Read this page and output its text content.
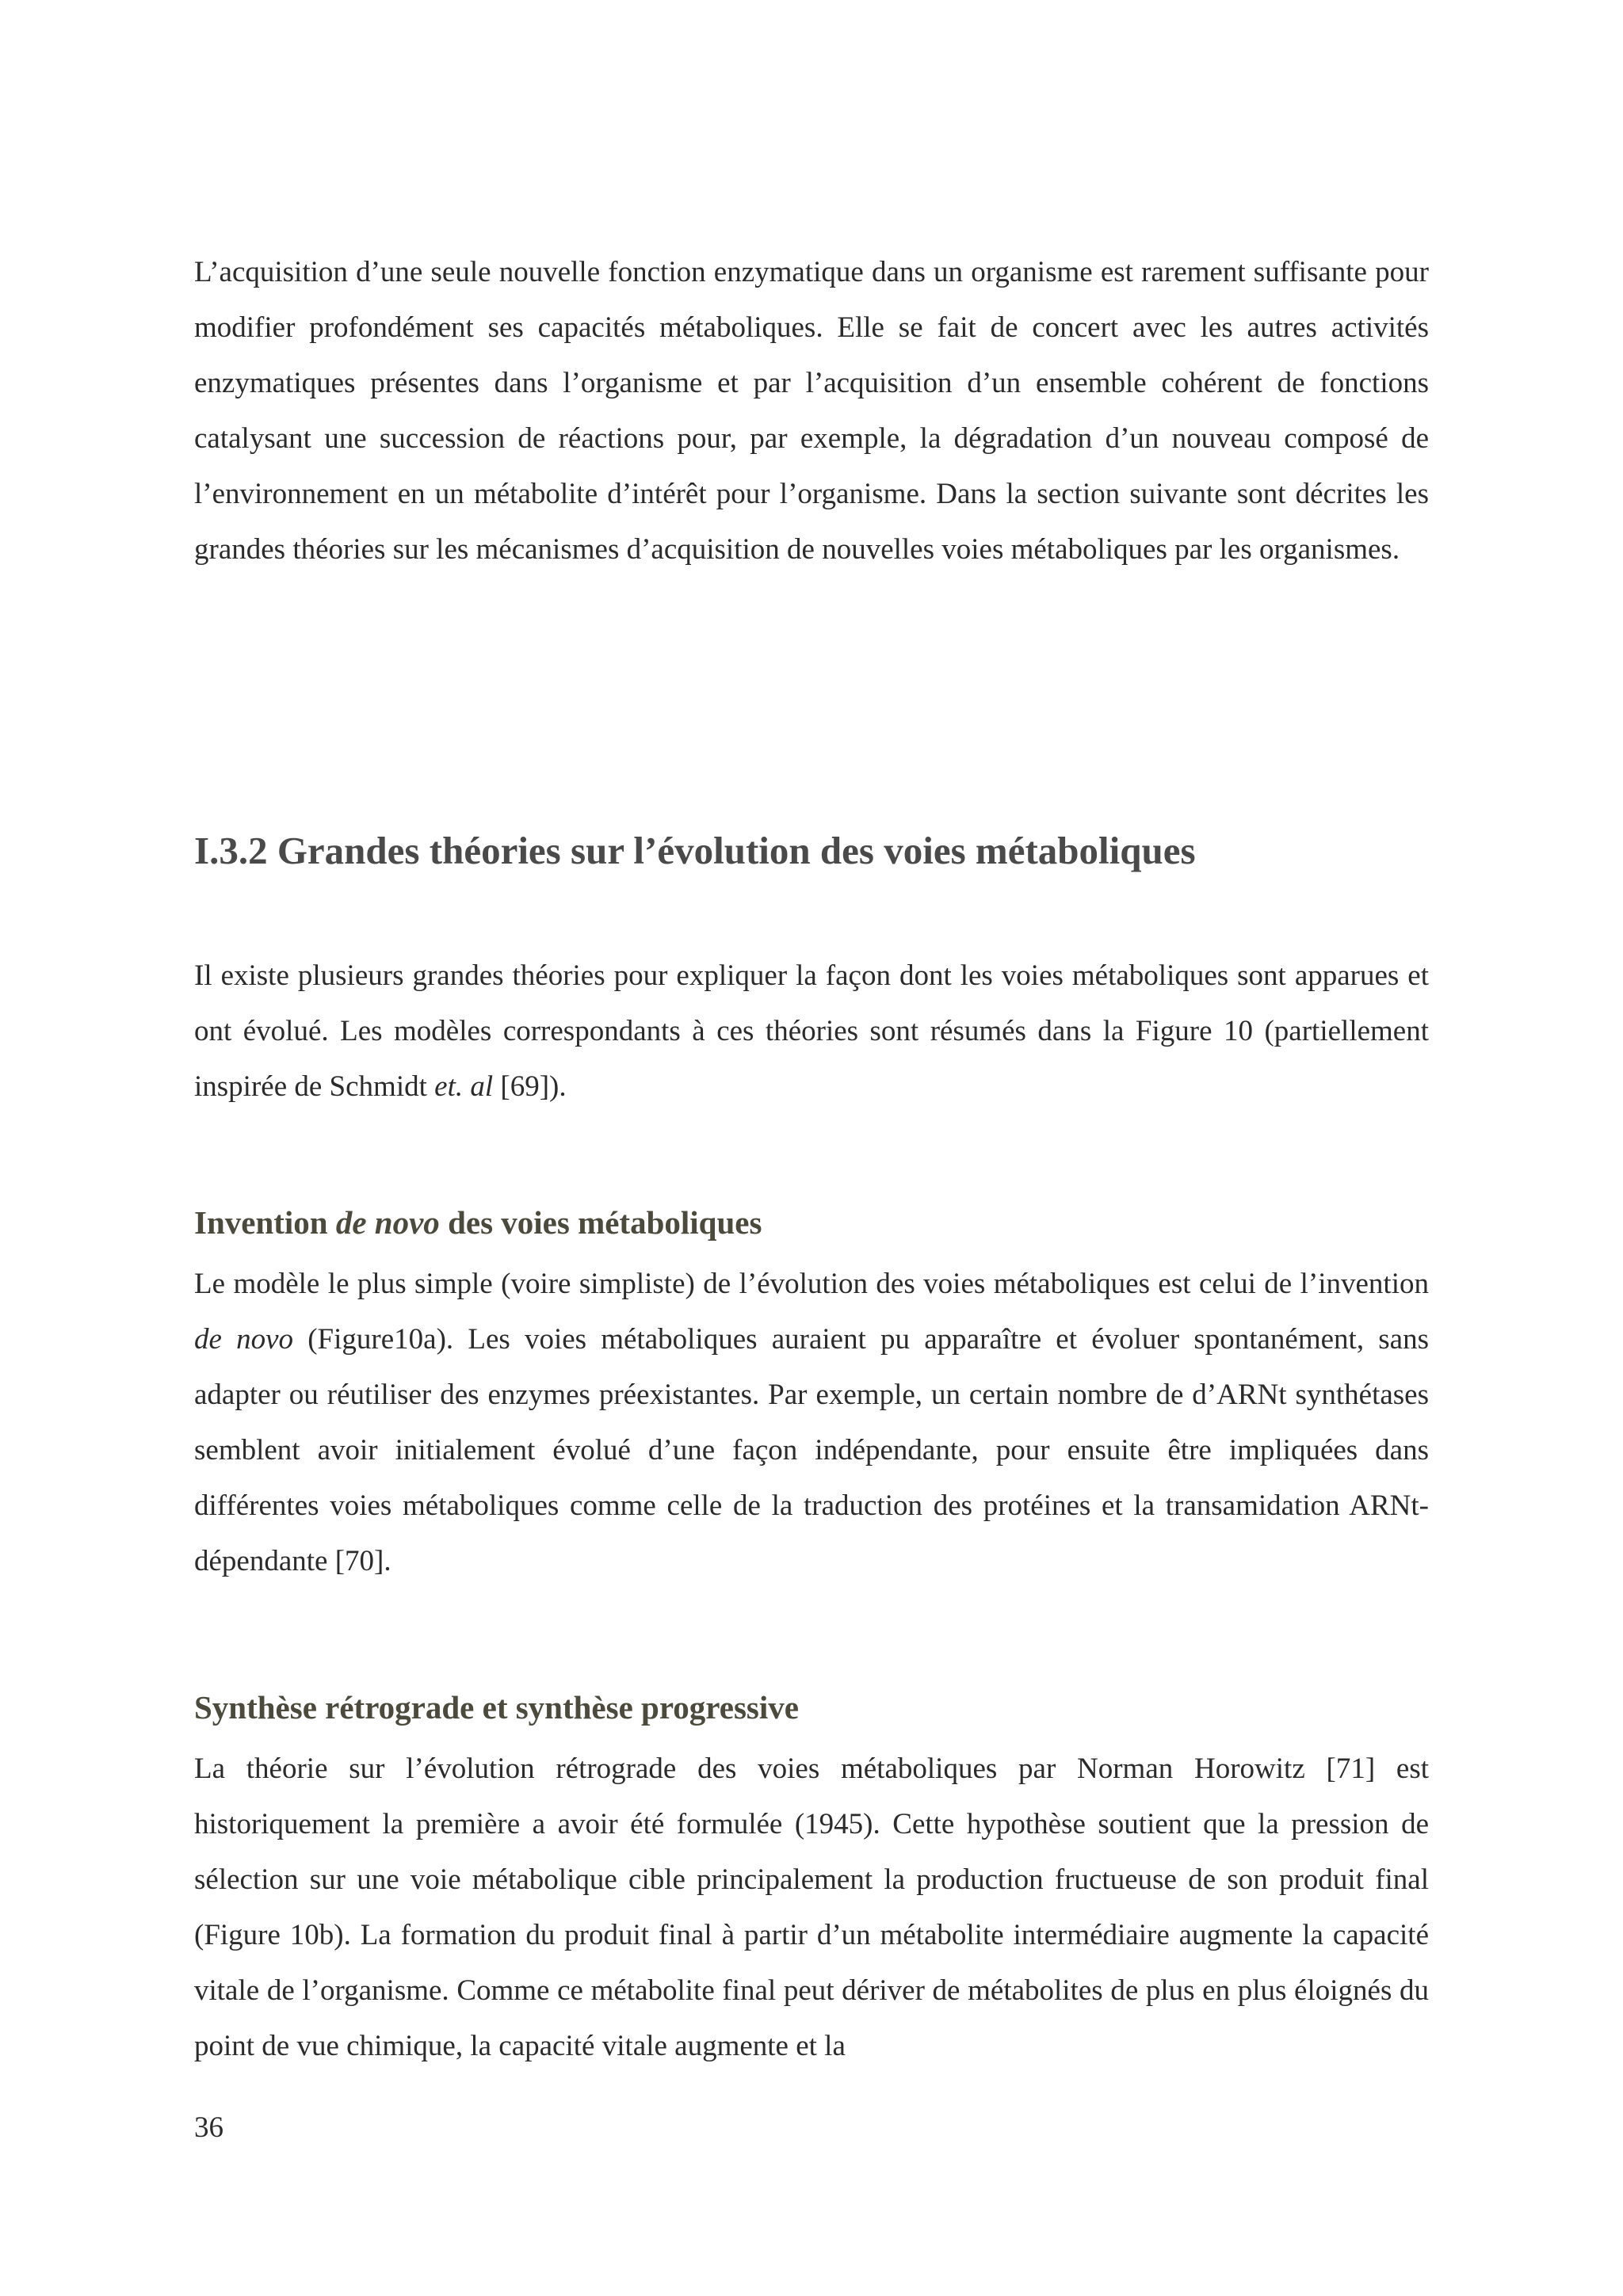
L’acquisition d’une seule nouvelle fonction enzymatique dans un organisme est rarement suffisante pour modifier profondément ses capacités métaboliques. Elle se fait de concert avec les autres activités enzymatiques présentes dans l’organisme et par l’acquisition d’un ensemble cohérent de fonctions catalysant une succession de réactions pour, par exemple, la dégradation d’un nouveau composé de l’environnement en un métabolite d’intérêt pour l’organisme. Dans la section suivante sont décrites les grandes théories sur les mécanismes d’acquisition de nouvelles voies métaboliques par les organismes.

I.3.2 Grandes théories sur l’évolution des voies métaboliques

Il existe plusieurs grandes théories pour expliquer la façon dont les voies métaboliques sont apparues et ont évolué. Les modèles correspondants à ces théories sont résumés dans la Figure 10 (partiellement inspirée de Schmidt et. al [69]).

Invention de novo des voies métaboliques

Le modèle le plus simple (voire simpliste) de l’évolution des voies métaboliques est celui de l’invention de novo (Figure10a). Les voies métaboliques auraient pu apparaître et évoluer spontanément, sans adapter ou réutiliser des enzymes préexistantes. Par exemple, un certain nombre de d’ARNt synthétases semblent avoir initialement évolué d’une façon indépendante, pour ensuite être impliquées dans différentes voies métaboliques comme celle de la traduction des protéines et la transamidation ARNt-dépendante [70].

Synthèse rétrograde et synthèse progressive

La théorie sur l’évolution rétrograde des voies métaboliques par Norman Horowitz [71] est historiquement la première a avoir été formulée (1945). Cette hypothèse soutient que la pression de sélection sur une voie métabolique cible principalement la production fructueuse de son produit final (Figure 10b). La formation du produit final à partir d’un métabolite intermédiaire augmente la capacité vitale de l’organisme. Comme ce métabolite final peut dériver de métabolites de plus en plus éloignés du point de vue chimique, la capacité vitale augmente et la

36
